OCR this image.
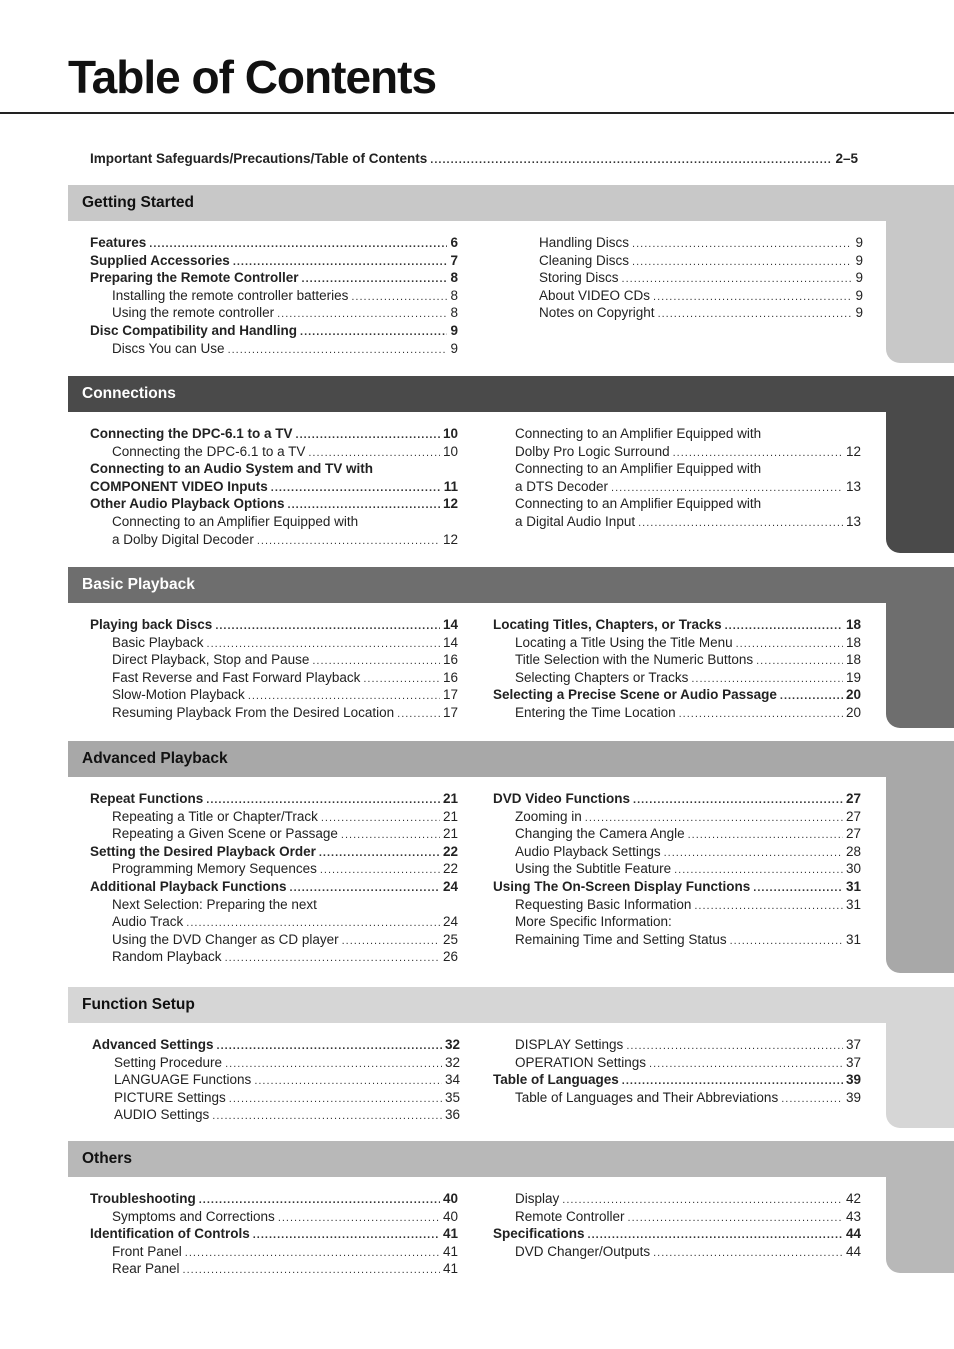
Table of Contents
Important Safeguards/Precautions/Table of Contents .....	2–5
Getting Started
Features .....	6
Supplied Accessories .....	7
Preparing the Remote Controller .....	8
Installing the remote controller batteries .....	8
Using the remote controller .....	8
Disc Compatibility and Handling .....	9
Discs You can Use .....	9
Handling Discs .....	9
Cleaning Discs .....	9
Storing Discs .....	9
About VIDEO CDs .....	9
Notes on Copyright .....	9
Connections
Connecting the DPC-6.1 to a TV .....	10
Connecting the DPC-6.1 to a TV .....	10
Connecting to an Audio System and TV with
COMPONENT VIDEO Inputs .....	11
Other Audio Playback Options .....	12
Connecting to an Amplifier Equipped with
a Dolby Digital Decoder .....	12
Connecting to an Amplifier Equipped with
Dolby Pro Logic Surround .....	12
Connecting to an Amplifier Equipped with
a DTS Decoder .....	13
Connecting to an Amplifier Equipped with
a Digital Audio Input .....	13
Basic Playback
Playing back Discs .....	14
Basic Playback .....	14
Direct Playback, Stop and Pause .....	16
Fast Reverse and Fast Forward Playback .....	16
Slow-Motion Playback .....	17
Resuming Playback From the Desired Location .....	17
Locating Titles, Chapters, or Tracks .....	18
Locating a Title Using the Title Menu .....	18
Title Selection with the Numeric Buttons .....	18
Selecting Chapters or Tracks .....	19
Selecting a Precise Scene or Audio Passage .....	20
Entering the Time Location .....	20
Advanced Playback
Repeat Functions .....	21
Repeating a Title or Chapter/Track .....	21
Repeating a Given Scene or Passage .....	21
Setting the Desired Playback Order .....	22
Programming Memory Sequences .....	22
Additional Playback Functions .....	24
Next Selection: Preparing the next
Audio Track .....	24
Using the DVD Changer as CD player .....	25
Random Playback .....	26
DVD Video Functions .....	27
Zooming in .....	27
Changing the Camera Angle .....	27
Audio Playback Settings .....	28
Using the Subtitle Feature .....	30
Using The On-Screen Display Functions .....	31
Requesting Basic Information .....	31
More Specific Information:
Remaining Time and Setting Status .....	31
Function Setup
Advanced Settings .....	32
Setting Procedure .....	32
LANGUAGE Functions .....	34
PICTURE Settings .....	35
AUDIO Settings .....	36
DISPLAY Settings .....	37
OPERATION Settings .....	37
Table of Languages .....	39
Table of Languages and Their Abbreviations .....	39
Others
Troubleshooting .....	40
Symptoms and Corrections .....	40
Identification of Controls .....	41
Front Panel .....	41
Rear Panel .....	41
Display .....	42
Remote Controller .....	43
Specifications .....	44
DVD Changer/Outputs .....	44
